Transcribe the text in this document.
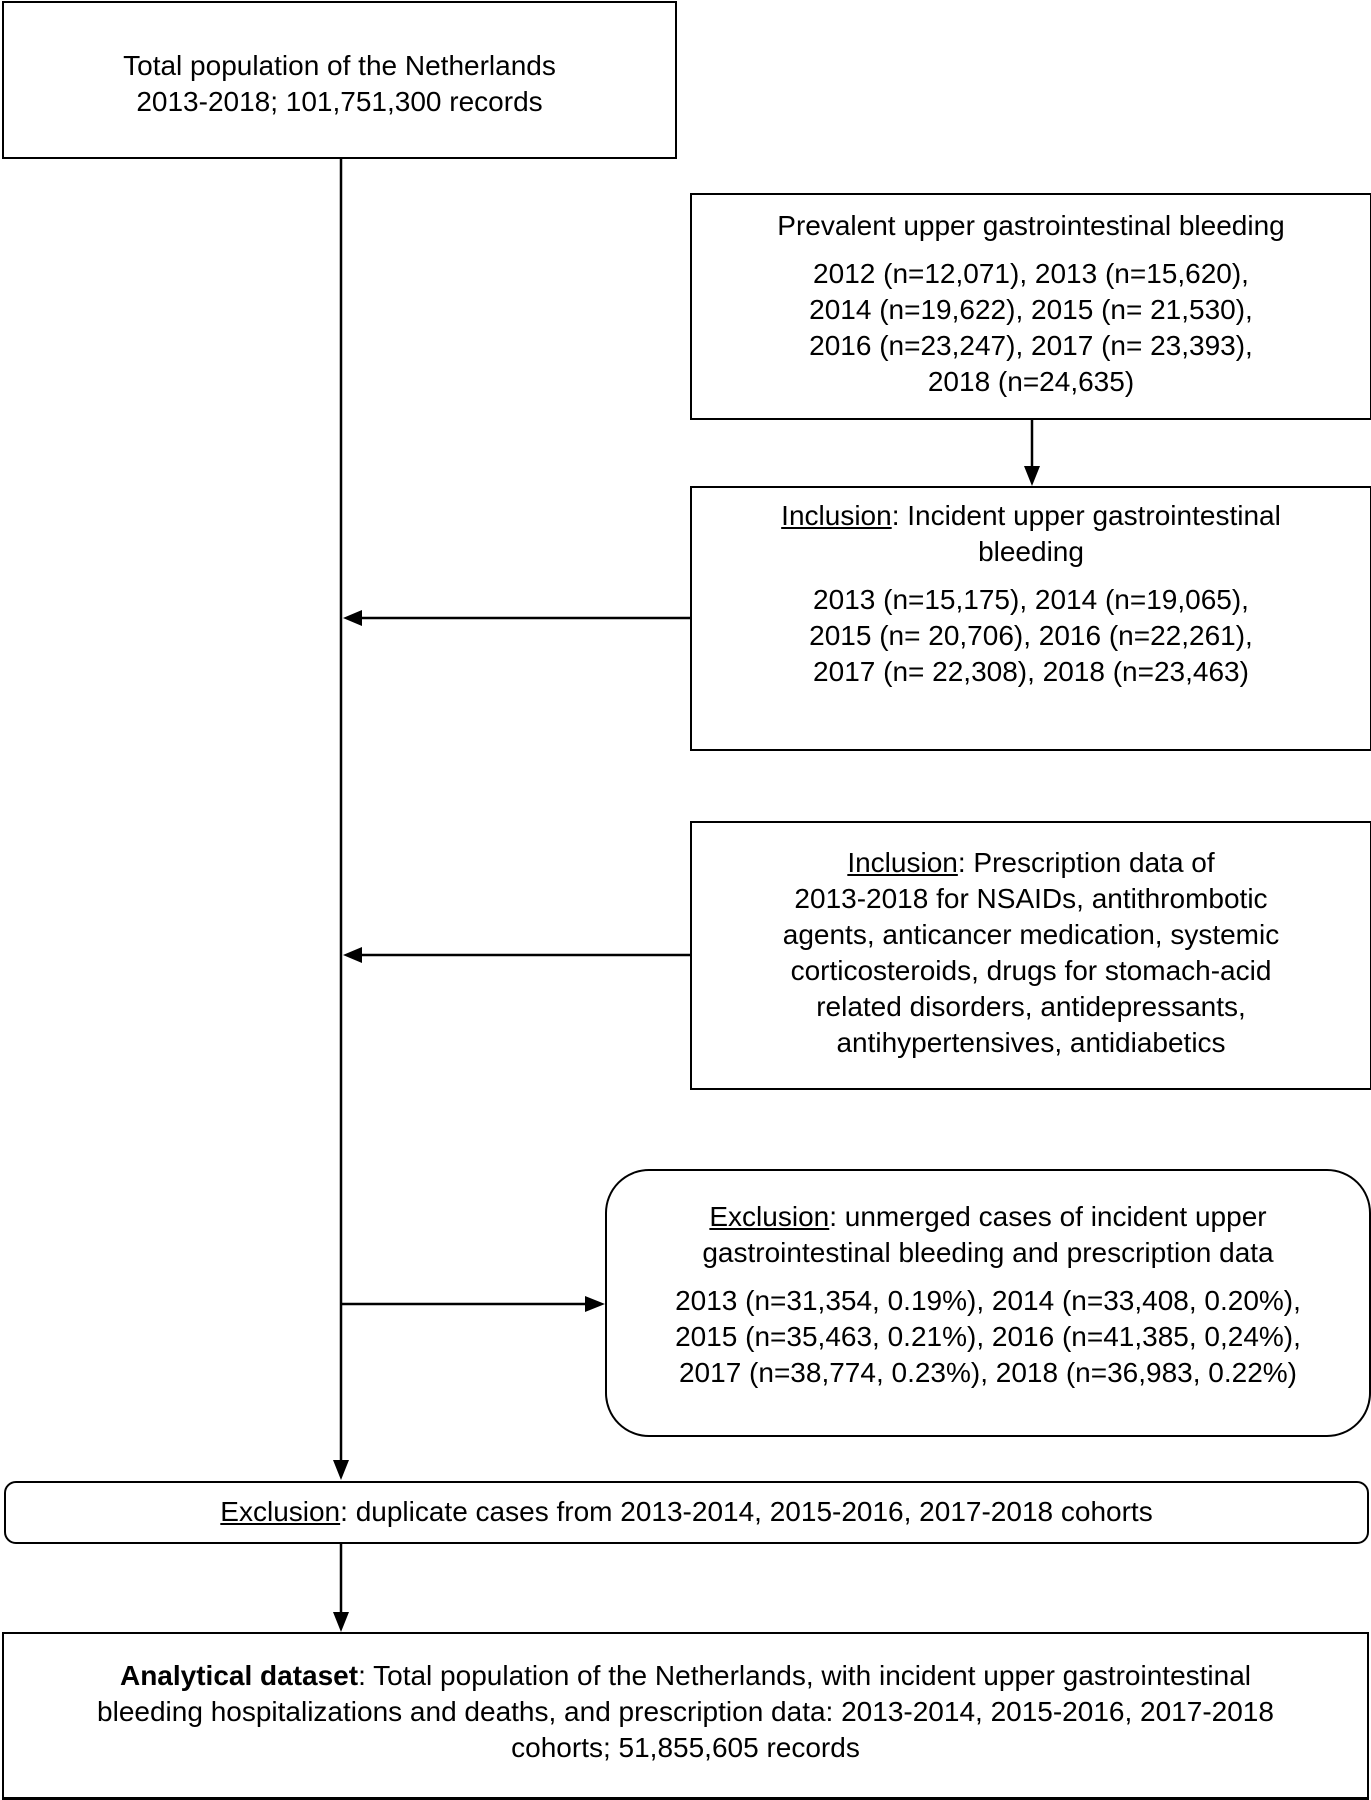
Total population of the Netherlands

2013-2018; 101,751,300 records

Prevalent upper gastrointestinal bleeding

2012 (n=12,071), 2013 (n=15,620),

2014 (n=19,622), 2015 (n= 21,530),

2016 (n=23,247), 2017 (n= 23,393),

2018 (n=24,635)

Inclusion: Incident upper gastrointestinal

bleeding

2013 (n=15,175), 2014 (n=19,065),

2015 (n= 20,706), 2016 (n=22,261),

2017 (n= 22,308), 2018 (n=23,463)

Inclusion: Prescription data of

2013-2018 for NSAIDs, antithrombotic

agents, anticancer medication, systemic

corticosteroids, drugs for stomach-acid

related disorders, antidepressants,

antihypertensives, antidiabetics

Exclusion: unmerged cases of incident upper

gastrointestinal bleeding and prescription data

2013 (n=31,354, 0.19%), 2014 (n=33,408, 0.20%),

2015 (n=35,463, 0.21%), 2016 (n=41,385, 0,24%),

2017 (n=38,774, 0.23%), 2018 (n=36,983, 0.22%)

Exclusion: duplicate cases from 2013-2014, 2015-2016, 2017-2018 cohorts

Analytical dataset: Total population of the Netherlands, with incident upper gastrointestinal

bleeding hospitalizations and deaths, and prescription data: 2013-2014, 2015-2016, 2017-2018

cohorts; 51,855,605 records
